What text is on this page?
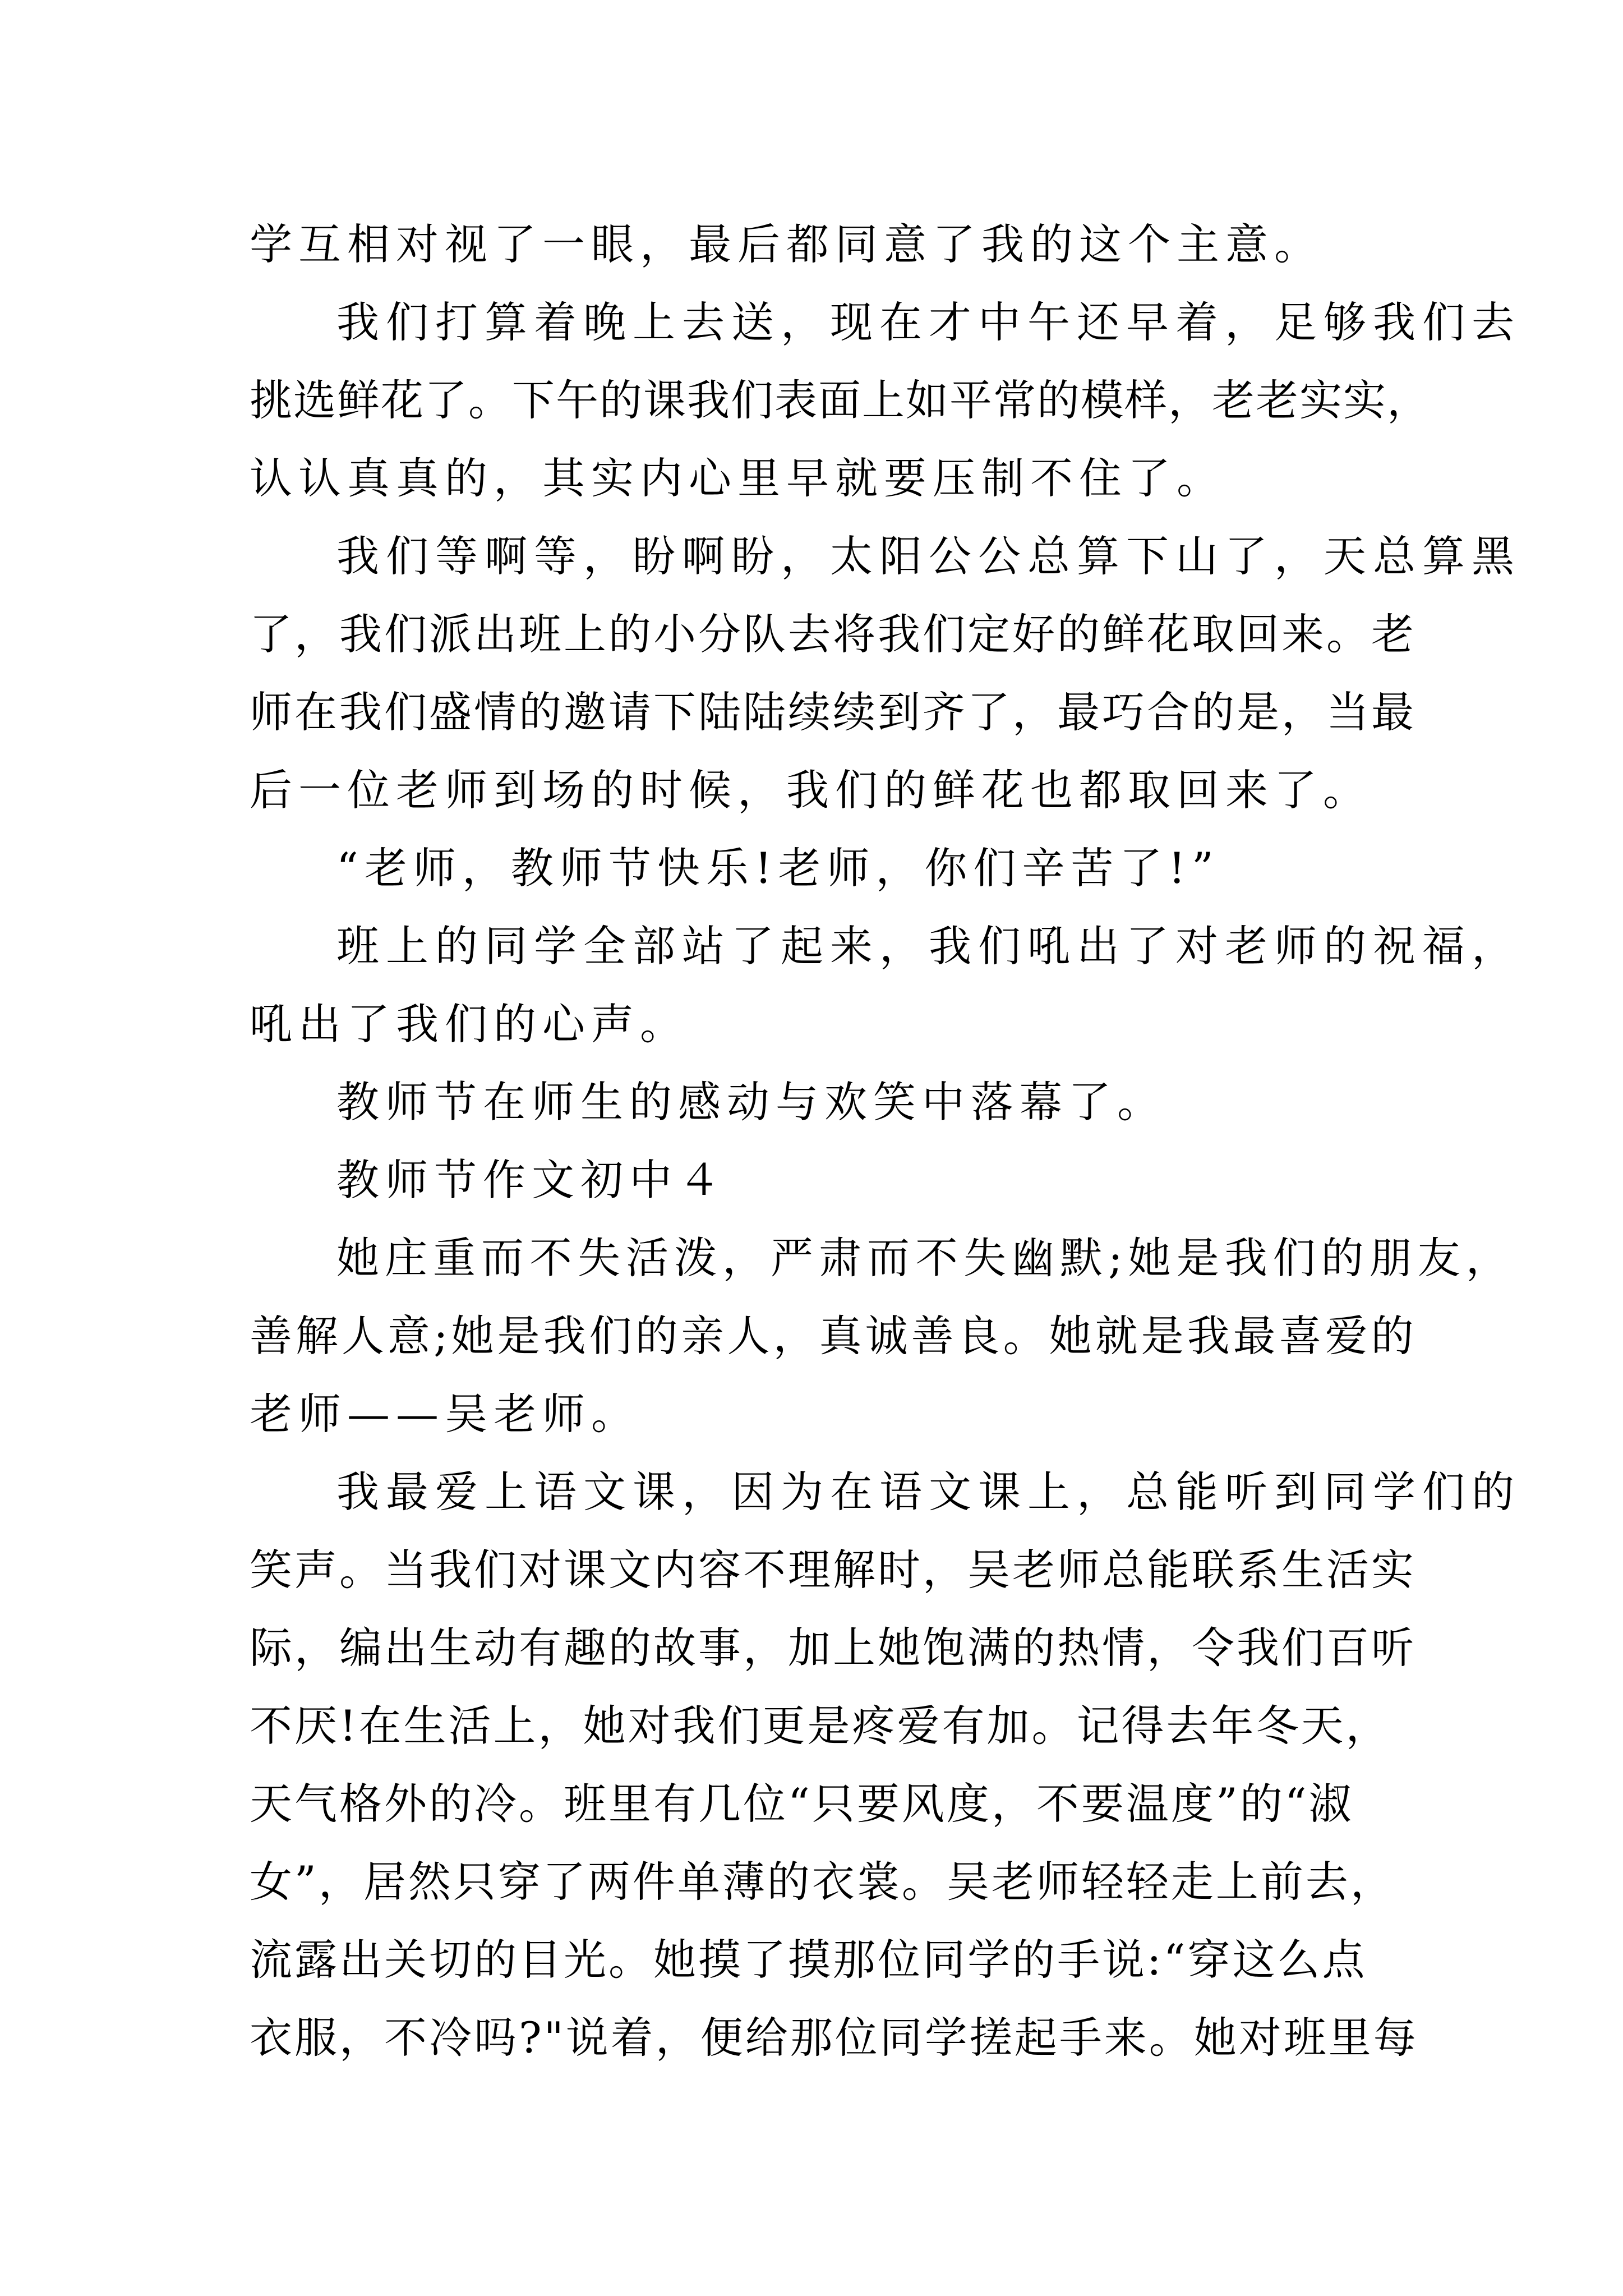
学互相对视了一眼，最后都同意了我的这个主意。
我们打算着晚上去送，现在才中午还早着，足够我们去
挑选鲜花了。下午的课我们表面上如平常的模样，老老实实，
认认真真的，其实内心里早就要压制不住了。
我们等啊等，盼啊盼，太阳公公总算下山了，天总算黑
了，我们派出班上的小分队去将我们定好的鲜花取回来。老
师在我们盛情的邀请下陆陆续续到齐了，最巧合的是，当最
后一位老师到场的时候，我们的鲜花也都取回来了。
“老师，教师节快乐!老师，你们辛苦了!”
班上的同学全部站了起来，我们吼出了对老师的祝福，
吼出了我们的心声。
教师节在师生的感动与欢笑中落幕了。
教师节作文初中４
她庄重而不失活泼，严肃而不失幽默;她是我们的朋友，
善解人意;她是我们的亲人，真诚善良。她就是我最喜爱的
老师——吴老师。
我最爱上语文课，因为在语文课上，总能听到同学们的
笑声。当我们对课文内容不理解时，吴老师总能联系生活实
际，编出生动有趣的故事，加上她饱满的热情，令我们百听
不厌!在生活上，她对我们更是疼爱有加。记得去年冬天，
天气格外的冷。班里有几位“只要风度，不要温度”的“淑
女”，居然只穿了两件单薄的衣裳。吴老师轻轻走上前去，
流露出关切的目光。她摸了摸那位同学的手说:“穿这么点
衣服，不冷吗?"说着，便给那位同学搓起手来。她对班里每
